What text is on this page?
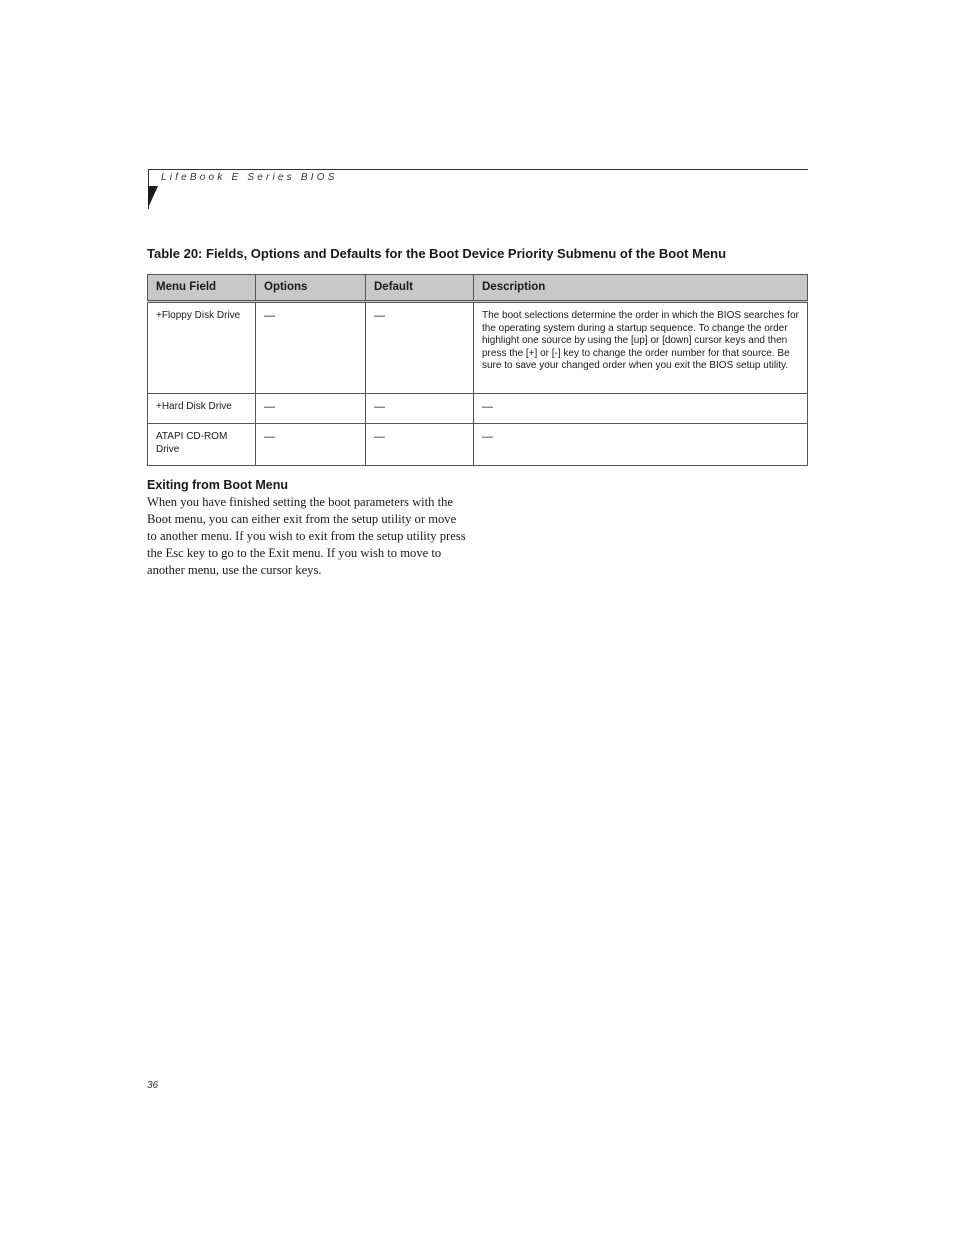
LifeBook E Series BIOS
Table 20: Fields, Options and Defaults for the Boot Device Priority Submenu of the Boot Menu
Menu Field	Options	Default	Description
+Floppy Disk Drive	—	—	The boot selections determine the order in which the BIOS searches for the operating system during a startup sequence. To change the order highlight one source by using the [up] or [down] cursor keys and then press the [+] or [-] key to change the order number for that source. Be sure to save your changed order when you exit the BIOS setup utility.
+Hard Disk Drive	—	—	—
ATAPI CD-ROM Drive	—	—	—
Exiting from Boot Menu
When you have finished setting the boot parameters with the Boot menu, you can either exit from the setup utility or move to another menu. If you wish to exit from the setup utility press the Esc key to go to the Exit menu. If you wish to move to another menu, use the cursor keys.
36
